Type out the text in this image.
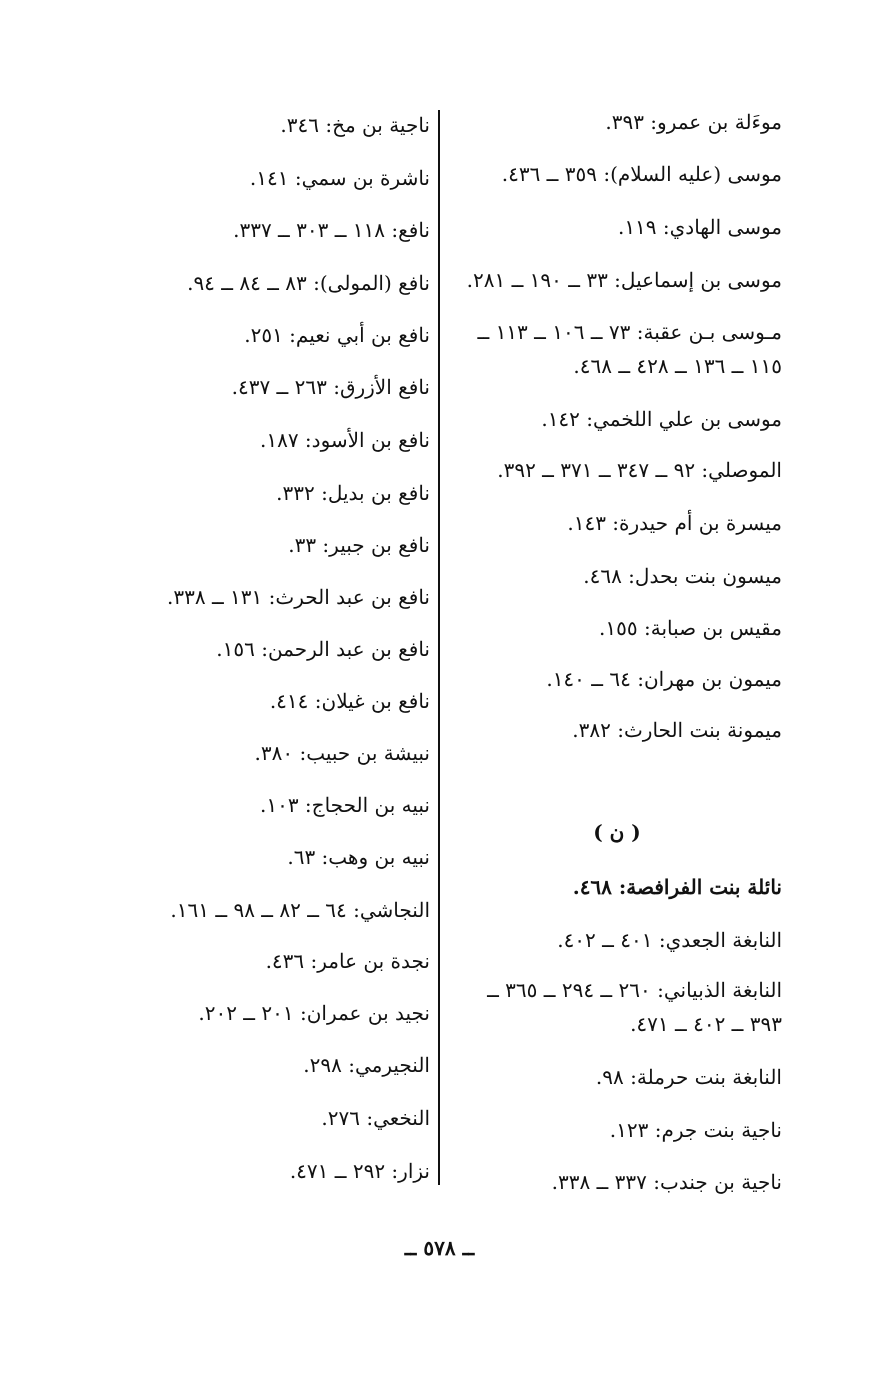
موءَلة بن عمرو: ٣٩٣.
موسى (عليه السلام): ٣٥٩ ــ ٤٣٦.
موسى الهادي: ١١٩.
موسى بن إسماعيل: ٣٣ ــ ١٩٠ ــ ٢٨١.
مـوسى بـن عقبة: ٧٣ ــ ١٠٦ ــ ١١٣ ــ
١١٥ ــ ١٣٦ ــ ٤٢٨ ــ ٤٦٨.
موسى بن علي اللخمي: ١٤٢.
الموصلي: ٩٢ ــ ٣٤٧ ــ ٣٧١ ــ ٣٩٢.
ميسرة بن أم حيدرة: ١٤٣.
ميسون بنت بحدل: ٤٦٨.
مقيس بن صبابة: ١٥٥.
ميمون بن مهران: ٦٤ ــ ١٤٠.
ميمونة بنت الحارث: ٣٨٢.
نائلة بنت الفرافصة: ٤٦٨.
النابغة الجعدي: ٤٠١ ــ ٤٠٢.
النابغة الذبياني: ٢٦٠ ــ ٢٩٤ ــ ٣٦٥ ــ
٣٩٣ ــ ٤٠٢ ــ ٤٧١.
النابغة بنت حرملة: ٩٨.
ناجية بنت جرم: ١٢٣.
ناجية بن جندب: ٣٣٧ ــ ٣٣٨.
( ن )
ناجية بن مخ: ٣٤٦.
ناشرة بن سمي: ١٤١.
نافع: ١١٨ ــ ٣٠٣ ــ ٣٣٧.
نافع (المولى): ٨٣ ــ ٨٤ ــ ٩٤.
نافع بن أبي نعيم: ٢٥١.
نافع الأزرق: ٢٦٣ ــ ٤٣٧.
نافع بن الأسود: ١٨٧.
نافع بن بديل: ٣٣٢.
نافع بن جبير: ٣٣.
نافع بن عبد الحرث: ١٣١ ــ ٣٣٨.
نافع بن عبد الرحمن: ١٥٦.
نافع بن غيلان: ٤١٤.
نبيشة بن حبيب: ٣٨٠.
نبيه بن الحجاج: ١٠٣.
نبيه بن وهب: ٦٣.
النجاشي: ٦٤ ــ ٨٢ ــ ٩٨ ــ ١٦١.
نجدة بن عامر: ٤٣٦.
نجيد بن عمران: ٢٠١ ــ ٢٠٢.
النجيرمي: ٢٩٨.
النخعي: ٢٧٦.
نزار: ٢٩٢ ــ ٤٧١.
ــ ٥٧٨ ــ
